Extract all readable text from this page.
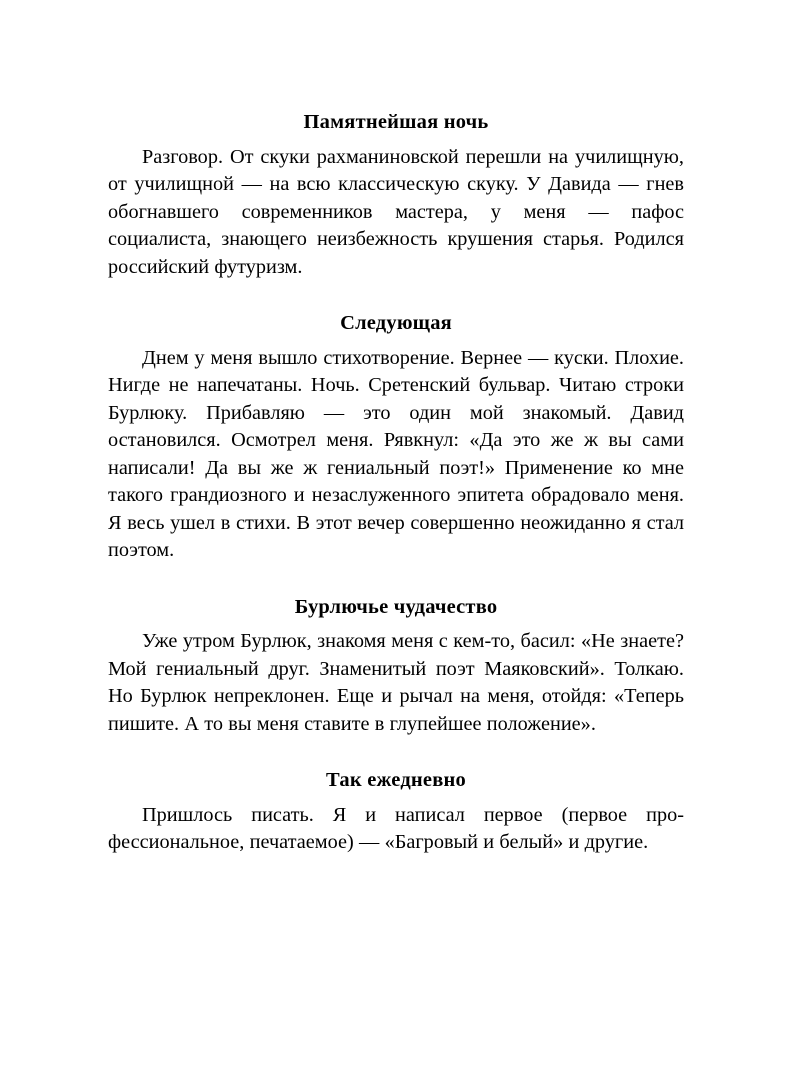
Памятнейшая ночь

Разговор. От скуки рахманиновской перешли на училищную, от училищной — на всю классическую скуку. У Давида — гнев обогнавшего современников мастера, у меня — пафос социалиста, знающего неизбежность крушения старья. Родился российский футуризм.

Следующая

Днем у меня вышло стихотворение. Вернее — куски. Плохие. Нигде не напечатаны. Ночь. Сретенский бульвар. Читаю строки Бурлюку. Прибавляю — это один мой знакомый. Давид остановился. Осмотрел меня. Рявкнул: «Да это же ж вы сами написали! Да вы же ж гениальный поэт!» Применение ко мне такого грандиозного и незаслуженного эпитета обрадовало меня. Я весь ушел в стихи. В этот вечер совершенно неожиданно я стал поэтом.

Бурлючье чудачество

Уже утром Бурлюк, знакомя меня с кем-то, басил: «Не знаете? Мой гениальный друг. Знаменитый поэт Маяковский». Толкаю. Но Бурлюк непреклонен. Еще и рычал на меня, отойдя: «Теперь пишите. А то вы меня ставите в глупейшее положение».

Так ежедневно

Пришлось писать. Я и написал первое (первое профессиональное, печатаемое) — «Багровый и белый» и другие.
